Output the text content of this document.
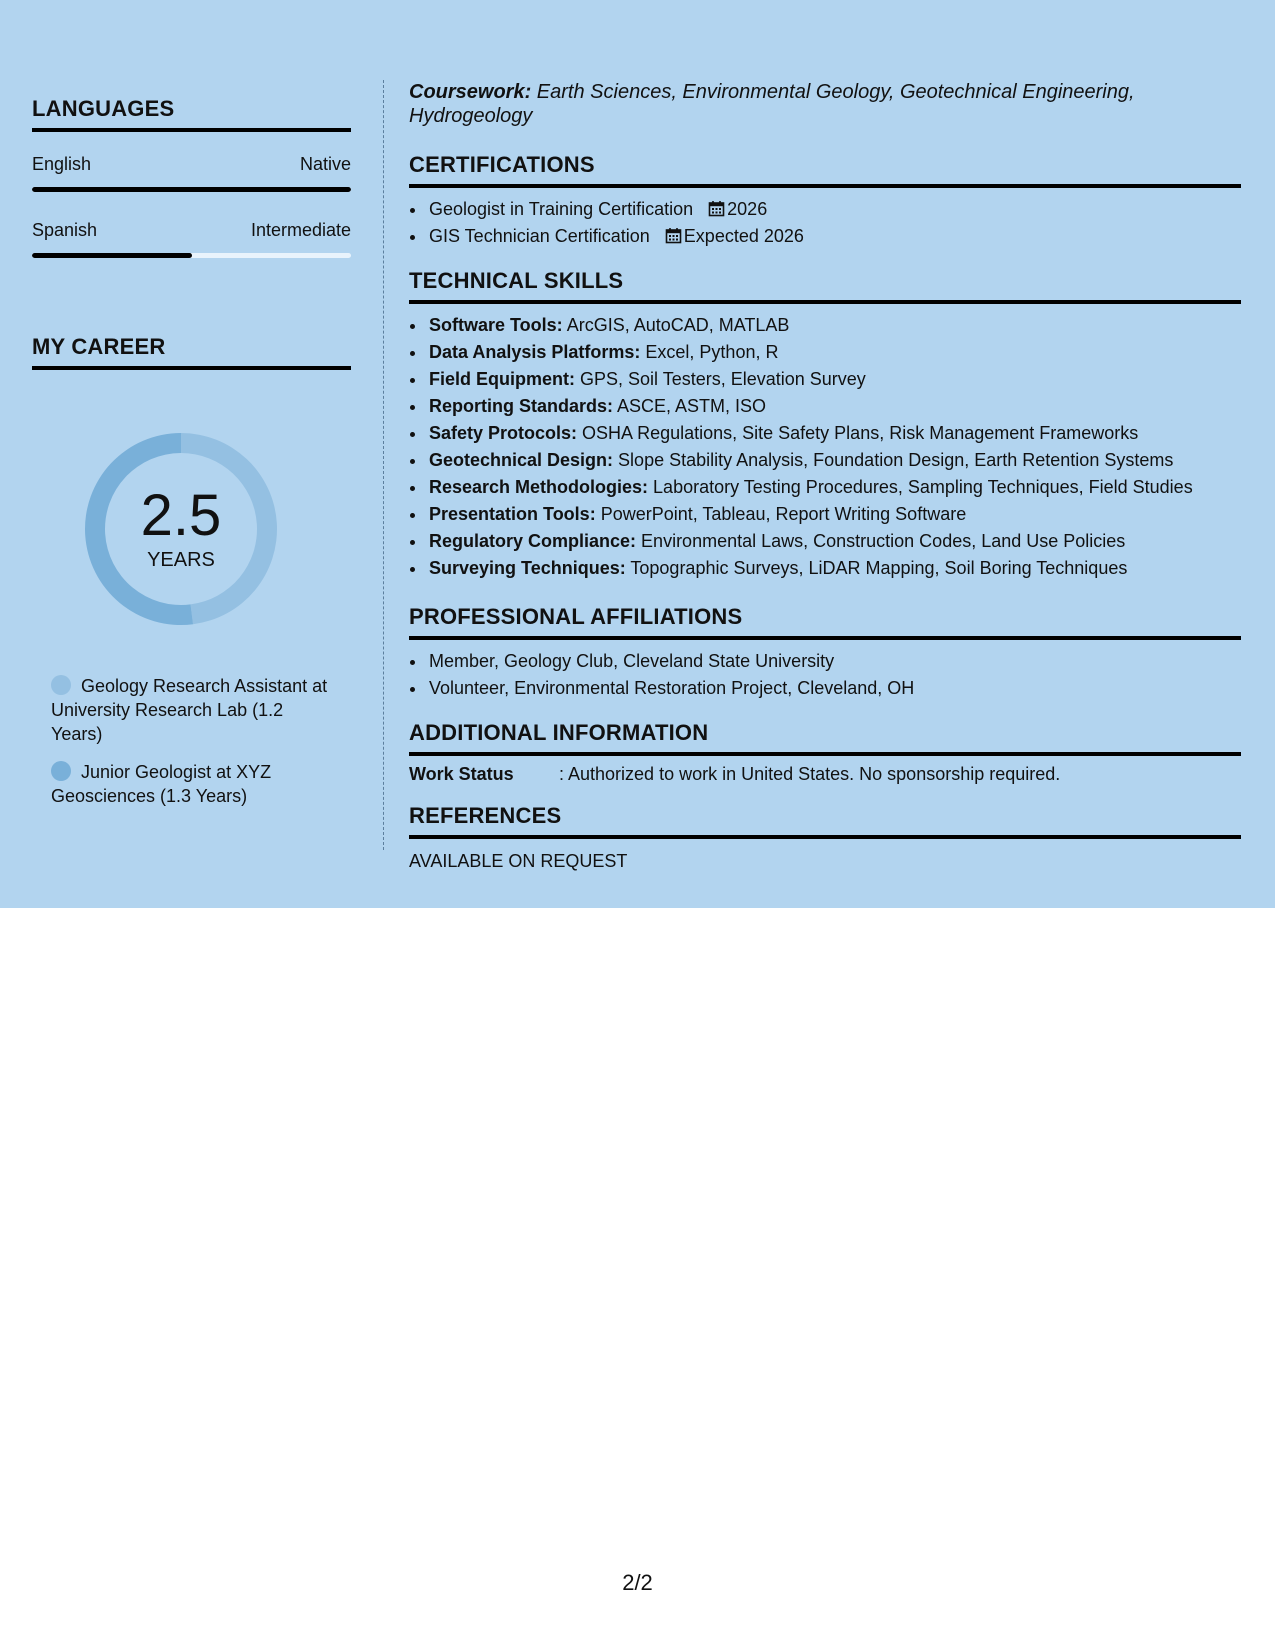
LANGUAGES
English	Native
Spanish	Intermediate
MY CAREER
2.5
YEARS
Geology Research Assistant at University Research Lab (1.2 Years)
Junior Geologist at XYZ Geosciences (1.3 Years)
Coursework: Earth Sciences, Environmental Geology, Geotechnical Engineering, Hydrogeology
CERTIFICATIONS
• Geologist in Training Certification 2026
• GIS Technician Certification Expected 2026
TECHNICAL SKILLS
• Software Tools: ArcGIS, AutoCAD, MATLAB
• Data Analysis Platforms: Excel, Python, R
• Field Equipment: GPS, Soil Testers, Elevation Survey
• Reporting Standards: ASCE, ASTM, ISO
• Safety Protocols: OSHA Regulations, Site Safety Plans, Risk Management Frameworks
• Geotechnical Design: Slope Stability Analysis, Foundation Design, Earth Retention Systems
• Research Methodologies: Laboratory Testing Procedures, Sampling Techniques, Field Studies
• Presentation Tools: PowerPoint, Tableau, Report Writing Software
• Regulatory Compliance: Environmental Laws, Construction Codes, Land Use Policies
• Surveying Techniques: Topographic Surveys, LiDAR Mapping, Soil Boring Techniques
PROFESSIONAL AFFILIATIONS
• Member, Geology Club, Cleveland State University
• Volunteer, Environmental Restoration Project, Cleveland, OH
ADDITIONAL INFORMATION
Work Status	: Authorized to work in United States. No sponsorship required.
REFERENCES
AVAILABLE ON REQUEST
2/2
